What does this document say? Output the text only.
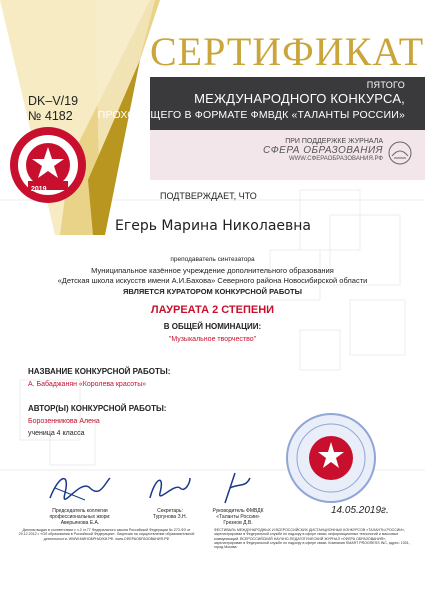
СЕРТИФИКАТ
ПЯТОГО
МЕЖДУНАРОДНОГО КОНКУРСА,
ПРОХОДЯЩЕГО В ФОРМАТЕ ФМВДК «ТАЛАНТЫ РОССИИ»
DK–V/19
№ 4182
ПРИ ПОДДЕРЖКЕ ЖУРНАЛА
СФЕРА ОБРАЗОВАНИЯ
WWW.СФЕРАОБРАЗОВАНИЯ.РФ
2019
ПОДТВЕРЖДАЕТ, ЧТО
Егерь Марина Николаевна
преподаватель синтезатора
Муниципальное казённое учреждение дополнительного образования
«Детская школа искусств имени А.И.Бахова» Северного района Новосибирской области
ЯВЛЯЕТСЯ КУРАТОРОМ КОНКУРСНОЙ РАБОТЫ
ЛАУРЕАТА 2 СТЕПЕНИ
В ОБЩЕЙ НОМИНАЦИИ:
"Музыкальное творчество"
НАЗВАНИЕ КОНКУРСНОЙ РАБОТЫ:
А. Бабаджанян «Королева красоты»
АВТОР(Ы) КОНКУРСНОЙ РАБОТЫ:
Борозенникова Алена
ученица 4 класса
Председатель коллегии
профессиональных жюри:
Аверьянова Е.А.
Секретарь:
Тургунова З.Н.
Руководитель ФМВДК
«Таланты России»
Грезнов Д.В.
14.05.2019г.
Диплом выдан в соответствии с ч.2 ст.77 Федерального закона Российской Федерации № 273-ФЗ от 29.12.2012 г. «Об образовании в Российской Федерации». Лицензия на осуществление образовательной деятельности. WWW.МИНОБРНАУКИ.РФ. www.СФЕРАОБРАЗОВАНИЯ.РФ
ФЕСТИВАЛЬ МЕЖДУНАРОДНЫХ И ВСЕРОССИЙСКИХ ДИСТАНЦИОННЫХ КОНКУРСОВ «ТАЛАНТЫ РОССИИ», зарегистрирован в Федеральной службе по надзору в сфере связи, информационных технологий и массовых коммуникаций. ВСЕРОССИЙСКИЙ НАУЧНО-ПЕДАГОГИЧЕСКИЙ ЖУРНАЛ «СФЕРА ОБРАЗОВАНИЯ», зарегистрирован в Федеральной службе по надзору в сфере связи. Компания SMART PROGRESS INC, адрес: 1001, город Москва.
